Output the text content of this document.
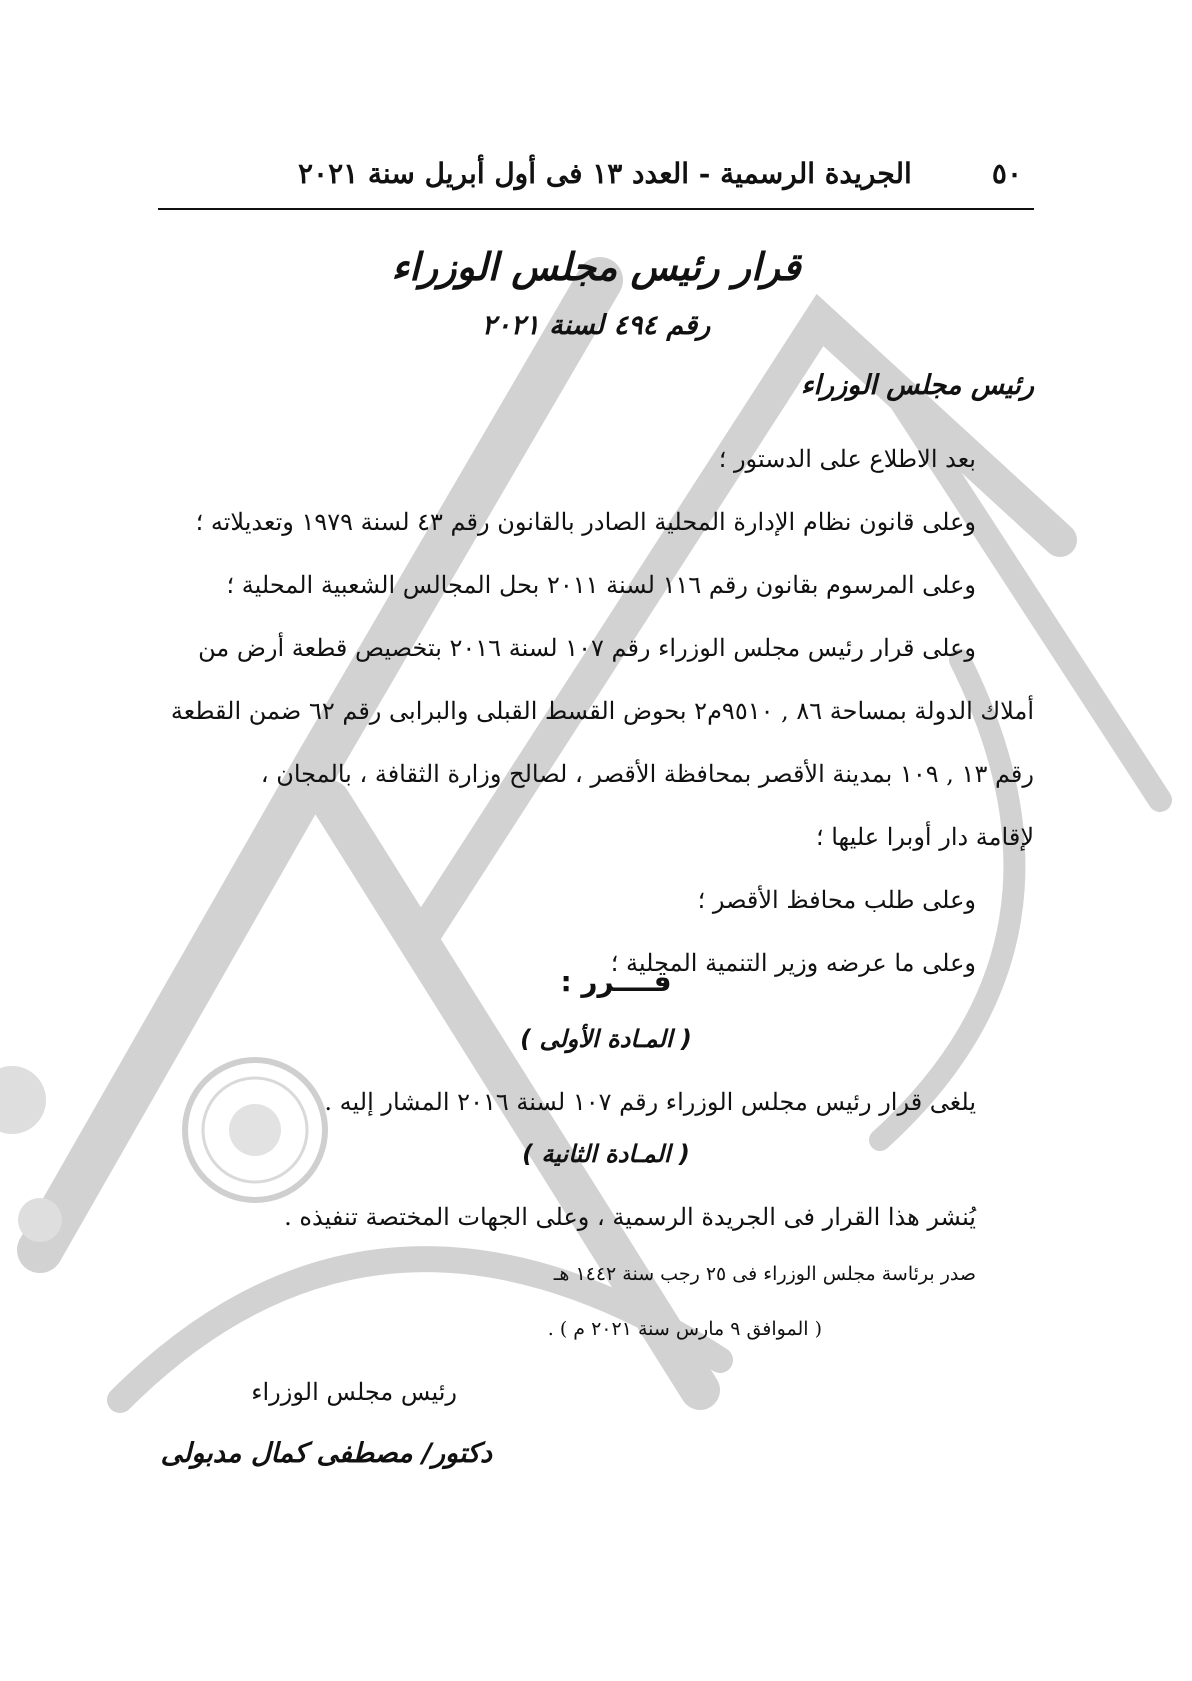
٥٠
الجريدة الرسمية - العدد ١٣ فى أول أبريل سنة ٢٠٢١
قرار رئيس مجلس الوزراء
رقم ٤٩٤ لسنة ٢٠٢١
رئيس مجلس الوزراء
بعد الاطلاع على الدستور ؛
وعلى قانون نظام الإدارة المحلية الصادر بالقانون رقم ٤٣ لسنة ١٩٧٩ وتعديلاته ؛
وعلى المرسوم بقانون رقم ١١٦ لسنة ٢٠١١ بحل المجالس الشعبية المحلية ؛
وعلى قرار رئيس مجلس الوزراء رقم ١٠٧ لسنة ٢٠١٦ بتخصيص قطعة أرض من
أملاك الدولة بمساحة ٨٦ , ٩٥١٠م٢ بحوض القسط القبلى والبرابى رقم ٦٢ ضمن القطعة
رقم ١٣ , ١٠٩ بمدينة الأقصر بمحافظة الأقصر ، لصالح وزارة الثقافة ، بالمجان ،
لإقامة دار أوبرا عليها ؛
وعلى طلب محافظ الأقصر ؛
وعلى ما عرضه وزير التنمية المحلية ؛
قــــرر :
( المـادة الأولى )
يلغى قرار رئيس مجلس الوزراء رقم ١٠٧ لسنة ٢٠١٦ المشار إليه .
( المـادة الثانية )
يُنشر هذا القرار فى الجريدة الرسمية ، وعلى الجهات المختصة تنفيذه .
صدر برئاسة مجلس الوزراء فى ٢٥ رجب سنة ١٤٤٢ هـ
( الموافق ٩ مارس سنة ٢٠٢١ م ) .
رئيس مجلس الوزراء
دكتور/ مصطفى كمال مدبولى
